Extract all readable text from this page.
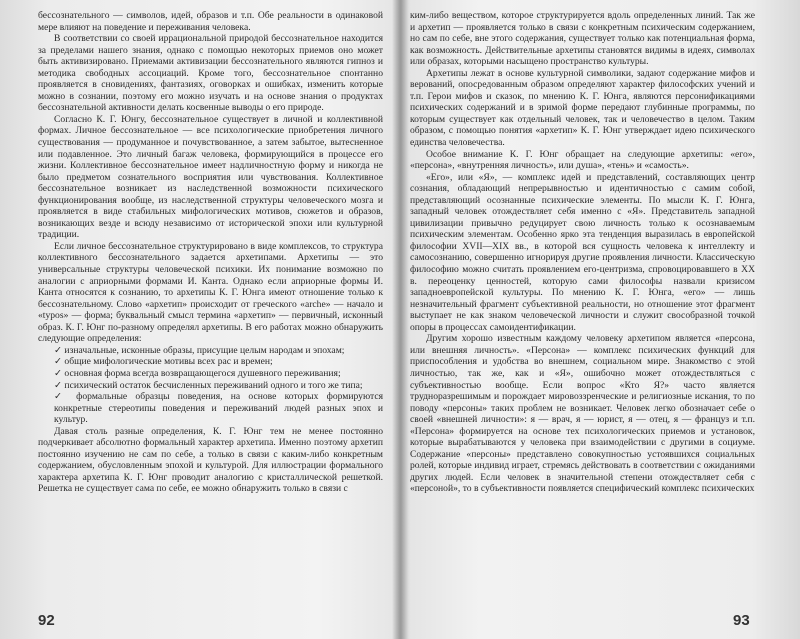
бессознательного — символов, идей, образов и т.п. Обе реальности в одинаковой мере влияют на поведение и переживания человека.

В соответствии со своей иррациональной природой бессознательное находится за пределами нашего знания, однако с помощью некоторых приемов оно может быть активизировано. Приемами активизации бессознательного являются гипноз и методика свободных ассоциаций. Кроме того, бессознательное спонтанно проявляется в сновидениях, фантазиях, оговорках и ошибках, изменить которые можно в сознании, поэтому его можно изучать и на основе знания о продуктах бессознательной активности делать косвенные выводы о его природе.

Согласно К. Г. Юнгу, бессознательное существует в личной и коллективной формах. Личное бессознательное — все психологические приобретения личного существования — продуманное и почувствованное, а затем забытое, вытесненное или подавленное. Это личный багаж человека, формирующийся в процессе его жизни. Коллективное бессознательное имеет надличностную форму и никогда не было предметом сознательного восприятия или чувствования. Коллективное бессознательное возникает из наследственной возможности психического функционирования вообще, из наследственной структуры человеческого мозга и проявляется в виде стабильных мифологических мотивов, сюжетов и образов, возникающих везде и всюду независимо от исторической эпохи или культурной традиции.

Если личное бессознательное структурировано в виде комплексов, то структура коллективного бессознательного задается архетипами. Архетипы — это универсальные структуры человеческой психики. Их понимание возможно по аналогии с априорными формами И. Канта. Однако если априорные формы И. Канта относятся к сознанию, то архетипы К. Г. Юнга имеют отношение только к бессознательному. Слово «архетип» происходит от греческого «arche» — начало и «typos» — форма; буквальный смысл термина «архетип» — первичный, исконный образ. К. Г. Юнг по-разному определял архетипы. В его работах можно обнаружить следующие определения:

✓ изначальные, исконные образы, присущие целым народам и эпохам;

✓ общие мифологические мотивы всех рас и времен;

✓ основная форма всегда возвращающегося душевного переживания;

✓ психический остаток бесчисленных переживаний одного и того же типа;

✓ формальные образцы поведения, на основе которых формируются конкретные стереотипы поведения и переживаний людей разных эпох и культур.

Давая столь разные определения, К. Г. Юнг тем не менее постоянно подчеркивает абсолютно формальный характер архетипа. Именно поэтому архетип постоянно изучению не сам по себе, а только в связи с каким-либо конкретным содержанием, обусловленным эпохой и культурой. Для иллюстрации формального характера архетипа К. Г. Юнг проводит аналогию с кристаллической решеткой. Решетка не существует сама по себе, ее можно обнаружить только в связи с

ким-либо веществом, которое структурируется вдоль определенных линий. Так же и архетип — проявляется только в связи с конкретным психическим содержанием, но сам по себе, вне этого содержания, существует только как потенциальная форма, как возможность. Действительные архетипы становятся видимы в идеях, символах или образах, которыми насыщено пространство культуры.

Архетипы лежат в основе культурной символики, задают содержание мифов и верований, опосредованным образом определяют характер философских учений и т.п. Герои мифов и сказок, по мнению К. Г. Юнга, являются персонификациями психических содержаний и в зримой форме передают глубинные программы, по которым существует как отдельный человек, так и человечество в целом. Таким образом, с помощью понятия «архетип» К. Г. Юнг утверждает идею психического единства человечества.

Особое внимание К. Г. Юнг обращает на следующие архетипы: «его», «персона», «внутренняя личность», или душа», «тень» и «самость».

«Его», или «Я», — комплекс идей и представлений, составляющих центр сознания, обладающий непрерывностью и идентичностью с самим собой, представляющий осознанные психические элементы. По мысли К. Г. Юнга, западный человек отождествляет себя именно с «Я». Представитель западной цивилизации привычно редуцирует свою личность только к осознаваемым психическим элементам. Особенно ярко эта тенденция выразилась в европейской философии XVII—XIX вв., в которой вся сущность человека к интеллекту и самосознанию, совершенно игнорируя другие проявления личности. Классическую философию можно считать проявлением его-центризма, спровоцировавшего в XX в. переоценку ценностей, которую сами философы назвали кризисом западноевропейской культуры. По мнению К. Г. Юнга, «его» — лишь незначительный фрагмент субъективной реальности, но отношение этот фрагмент выступает не как знаком человеческой личности и служит свособразной точкой опоры в процессах самоидентификации.

Другим хорошо известным каждому человеку архетипом является «персона, или внешняя личность». «Персона» — комплекс психических функций для приспособления и удобства во внешнем, социальном мире. Знакомство с этой личностью, так же, как и «Я», ошибочно может отождествляться с субъективностью вообще. Если вопрос «Кто Я?» часто является трудноразрешимым и порождает мировоззренческие и религиозные искания, то по поводу «персоны» таких проблем не возникает. Человек легко обозначает себе о своей «внешней личности»: я — врач, я — юрист, я — отец, я — француз и т.п. «Персона» формируется на основе тех психологических приемов и установок, которые вырабатываются у человека при взаимодействии с другими в социуме. Содержание «персоны» представлено совокупностью устоявшихся социальных ролей, которые индивид играет, стремясь действовать в соответствии с ожиданиями других людей. Если человек в значительной степени отождествляет себя с «персоной», то в субъективности появляется специфический комплекс психических

92	93
